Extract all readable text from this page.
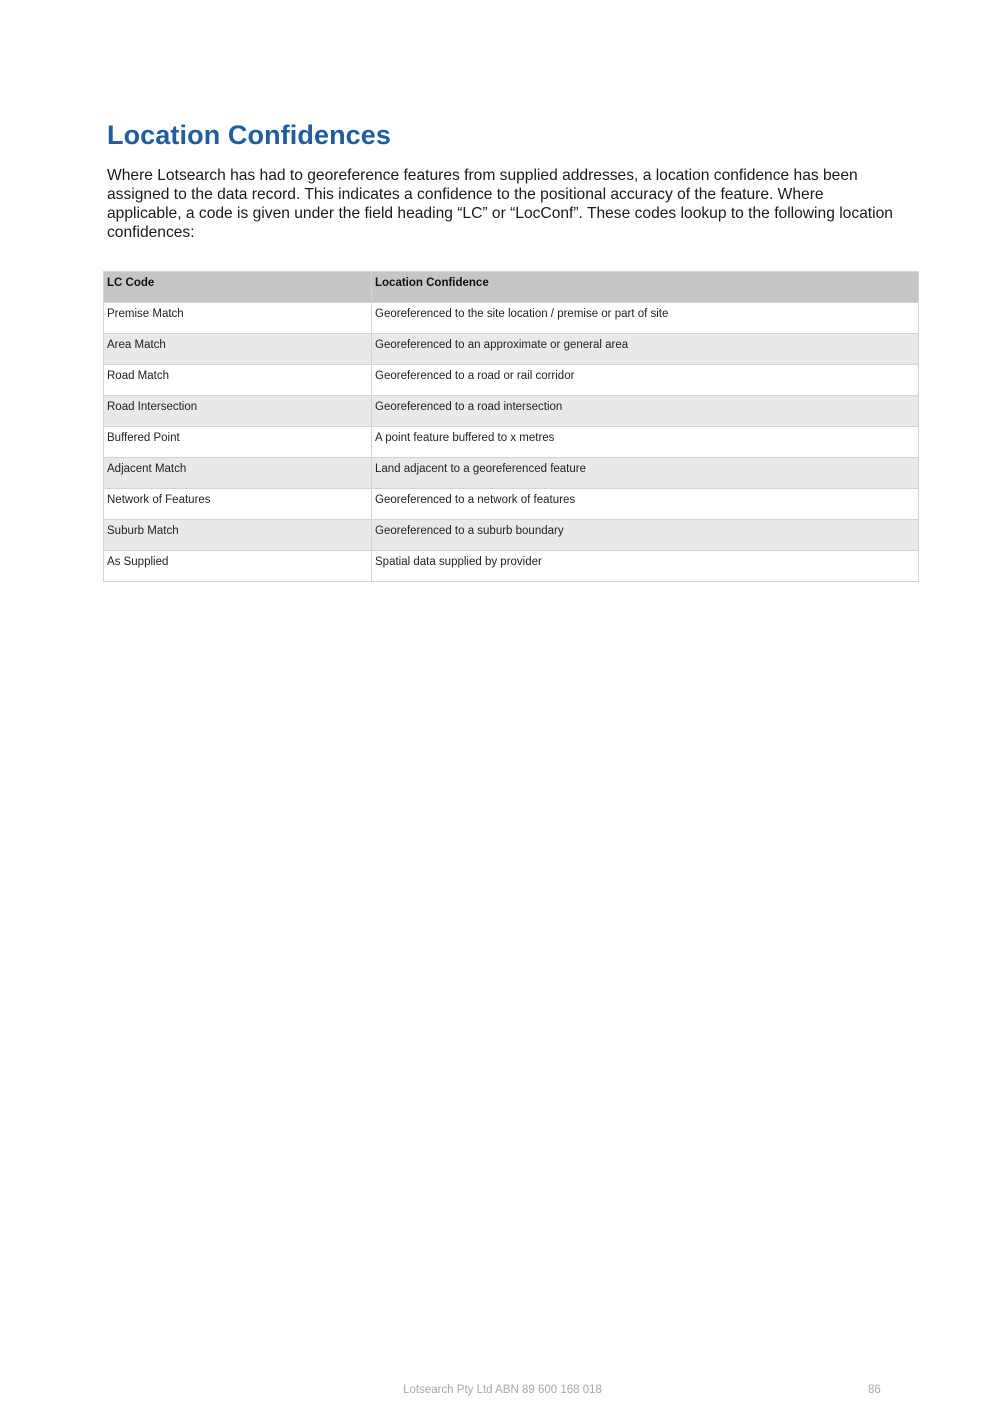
Location Confidences

Where Lotsearch has had to georeference features from supplied addresses, a location confidence has been assigned to the data record. This indicates a confidence to the positional accuracy of the feature. Where applicable, a code is given under the field heading “LC” or “LocConf”. These codes lookup to the following location confidences:

LC Code	Location Confidence
Premise Match	Georeferenced to the site location / premise or part of site
Area Match	Georeferenced to an approximate or general area
Road Match	Georeferenced to a road or rail corridor
Road Intersection	Georeferenced to a road intersection
Buffered Point	A point feature buffered to x metres
Adjacent Match	Land adjacent to a georeferenced feature
Network of Features	Georeferenced to a network of features
Suburb Match	Georeferenced to a suburb boundary
As Supplied	Spatial data supplied by provider
Lotsearch Pty Ltd ABN 89 600 168 018	86
